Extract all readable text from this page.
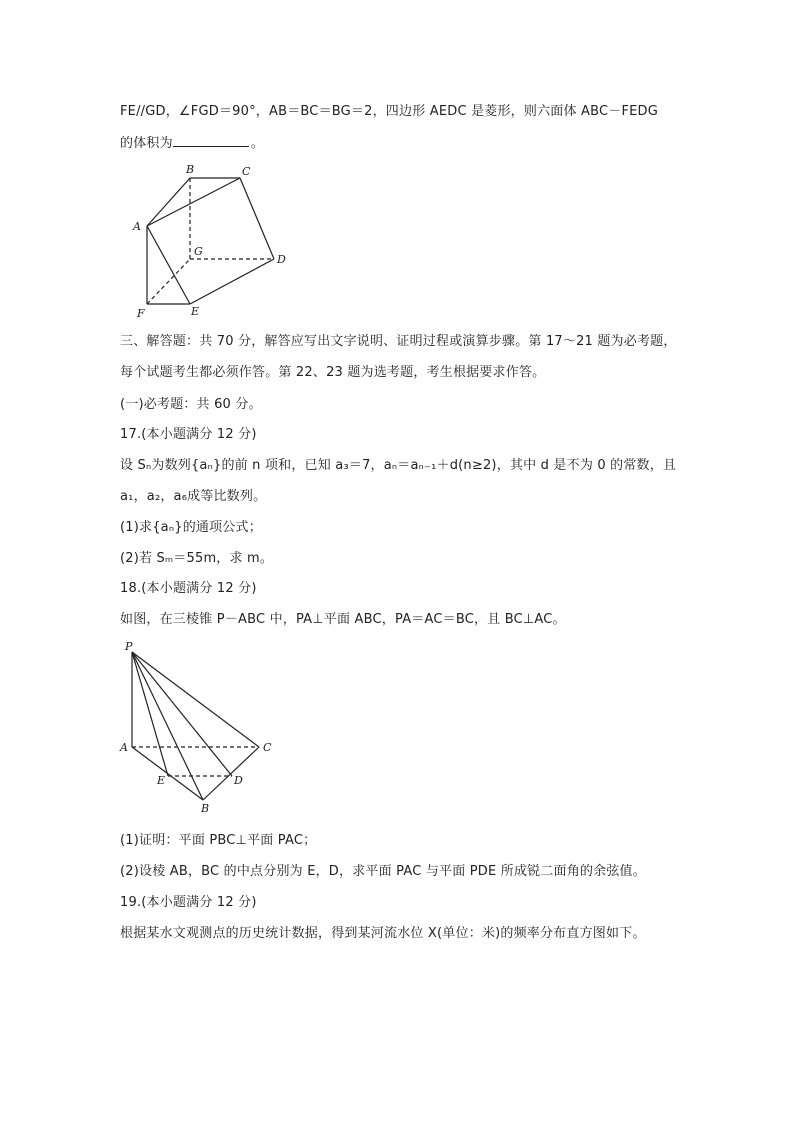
FE//GD，∠FGD＝90°，AB＝BC＝BG＝2，四边形 AEDC 是菱形，则六面体 ABC－FEDG
的体积为	。
B	C
A
G
D
F	E
三、解答题：共 70 分，解答应写出文字说明、证明过程或演算步骤。第 17～21 题为必考题，
每个试题考生都必须作答。第 22、23 题为选考题，考生根据要求作答。
(一)必考题：共 60 分。
17.(本小题满分 12 分)
设 Sₙ为数列{aₙ}的前 n 项和，已知 a₃＝7，aₙ＝aₙ₋₁＋d(n≥2)，其中 d 是不为 0 的常数，且
a₁，a₂，a₆成等比数列。
(1)求{aₙ}的通项公式；
(2)若 Sₘ＝55m，求 m。
18.(本小题满分 12 分)
如图，在三棱锥 P－ABC 中，PA⊥平面 ABC，PA＝AC＝BC，且 BC⊥AC。
P
A	C
E	D
B
(1)证明：平面 PBC⊥平面 PAC；
(2)设棱 AB，BC 的中点分别为 E，D，求平面 PAC 与平面 PDE 所成锐二面角的余弦值。
19.(本小题满分 12 分)
根据某水文观测点的历史统计数据，得到某河流水位 X(单位：米)的频率分布直方图如下。
